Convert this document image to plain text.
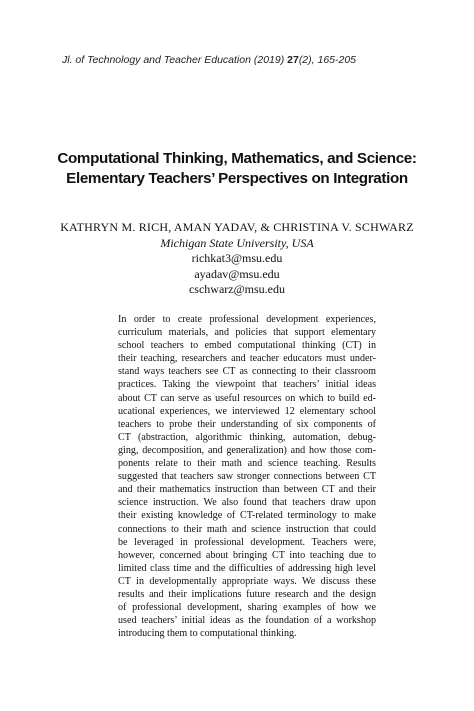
Jl. of Technology and Teacher Education (2019) 27(2), 165-205
Computational Thinking, Mathematics, and Science:
Elementary Teachers’ Perspectives on Integration
KATHRYN M. RICH, AMAN YADAV, & CHRISTINA V. SCHWARZ
Michigan State University, USA
richkat3@msu.edu
ayadav@msu.edu
cschwarz@msu.edu
In order to create professional development experiences,
curriculum materials, and policies that support elementary
school teachers to embed computational thinking (CT) in
their teaching, researchers and teacher educators must under-
stand ways teachers see CT as connecting to their classroom
practices. Taking the viewpoint that teachers’ initial ideas
about CT can serve as useful resources on which to build ed-
ucational experiences, we interviewed 12 elementary school
teachers to probe their understanding of six components of
CT (abstraction, algorithmic thinking, automation, debug-
ging, decomposition, and generalization) and how those com-
ponents relate to their math and science teaching. Results
suggested that teachers saw stronger connections between CT
and their mathematics instruction than between CT and their
science instruction. We also found that teachers draw upon
their existing knowledge of CT-related terminology to make
connections to their math and science instruction that could
be leveraged in professional development. Teachers were,
however, concerned about bringing CT into teaching due to
limited class time and the difficulties of addressing high level
CT in developmentally appropriate ways. We discuss these
results and their implications future research and the design
of professional development, sharing examples of how we
used teachers’ initial ideas as the foundation of a workshop
introducing them to computational thinking.
